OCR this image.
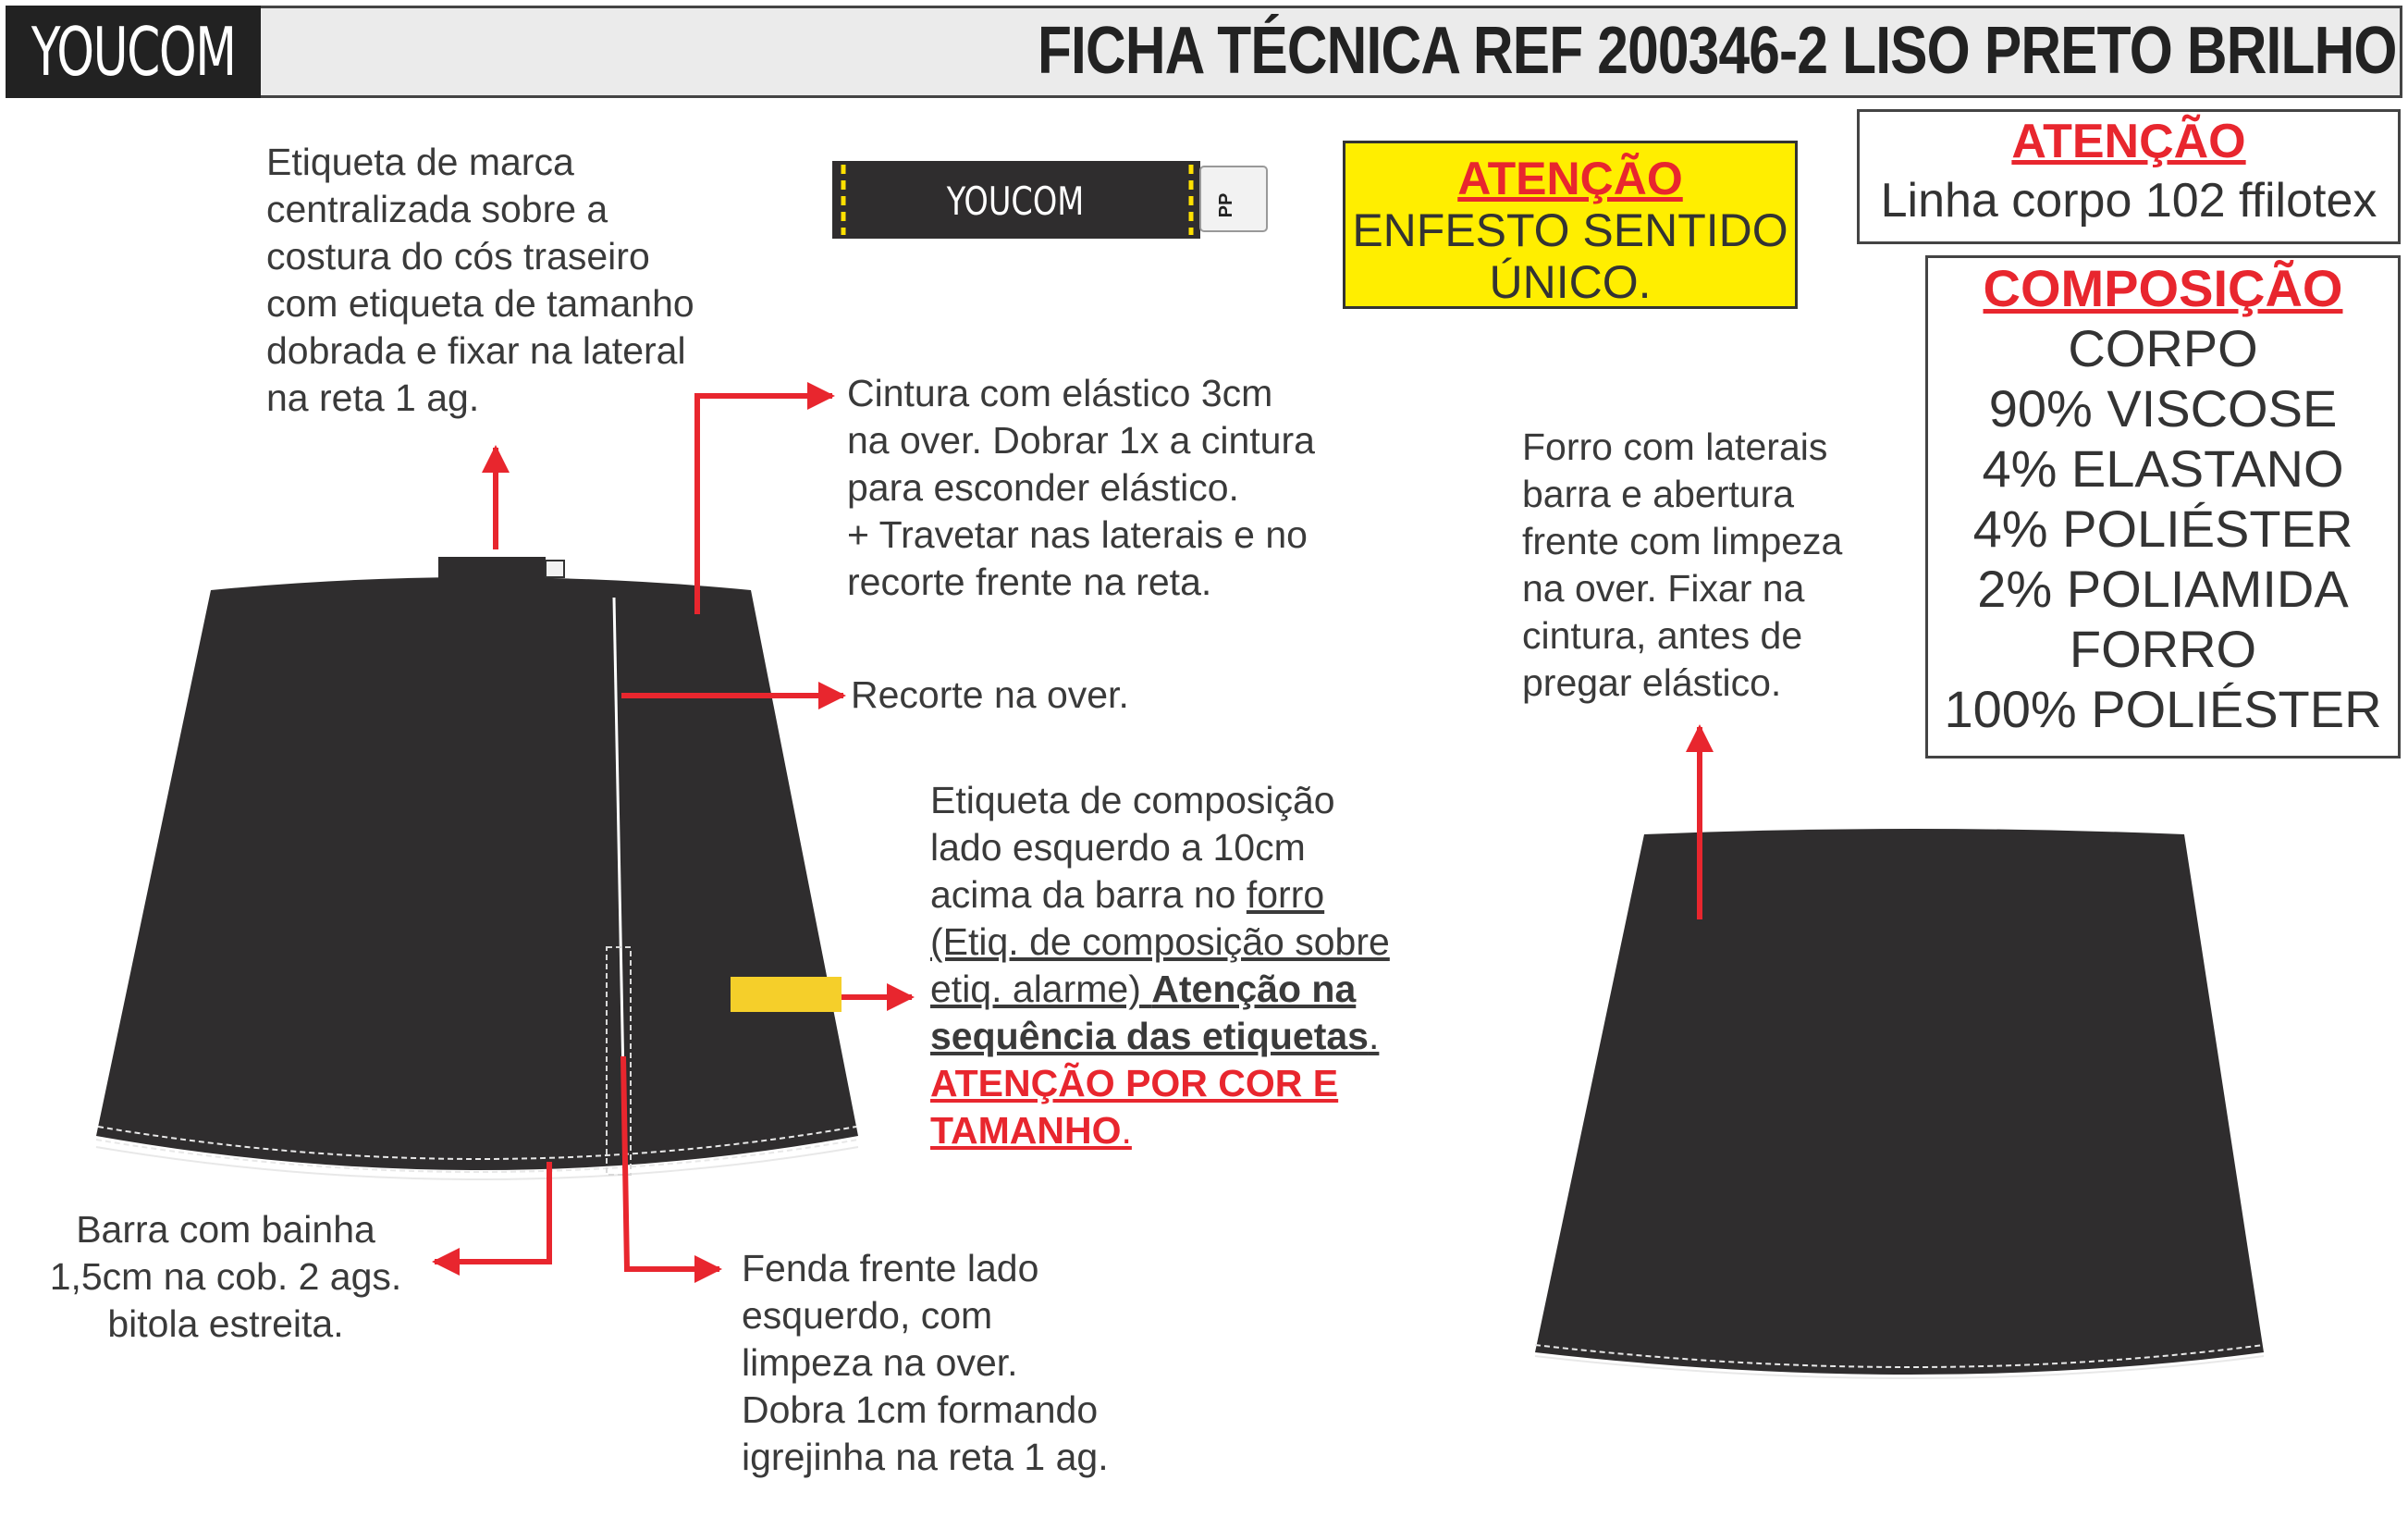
YOUCOM	FICHA TÉCNICA REF 200346-2 LISO PRETO BRILHO
YOUCOM	PP
ATENÇÃO
ENFESTO SENTIDO
ÚNICO.
ATENÇÃO
Linha corpo 102 ffilotex
COMPOSIÇÃO
CORPO
90% VISCOSE
4% ELASTANO
4% POLIÉSTER
2% POLIAMIDA
FORRO
100% POLIÉSTER
Etiqueta de marca
centralizada sobre a
costura do cós traseiro
com etiqueta de tamanho
dobrada e fixar na lateral
na reta 1 ag.	Cintura com elástico 3cm
na over. Dobrar 1x a cintura
para esconder elástico.
+ Travetar nas laterais e no
recorte frente na reta.
Recorte na over.
Etiqueta de composição
lado esquerdo a 10cm
acima da barra no forro
(Etiq. de composição sobre
etiq. alarme) Atenção na
sequência das etiquetas.
ATENÇÃO POR COR E
TAMANHO.
Barra com bainha
1,5cm na cob. 2 ags.
bitola estreita.
Fenda frente lado
esquerdo, com
limpeza na over.
Dobra 1cm formando
igrejinha na reta 1 ag.
Forro com laterais
barra e abertura
frente com limpeza
na over. Fixar na
cintura, antes de
pregar elástico.
